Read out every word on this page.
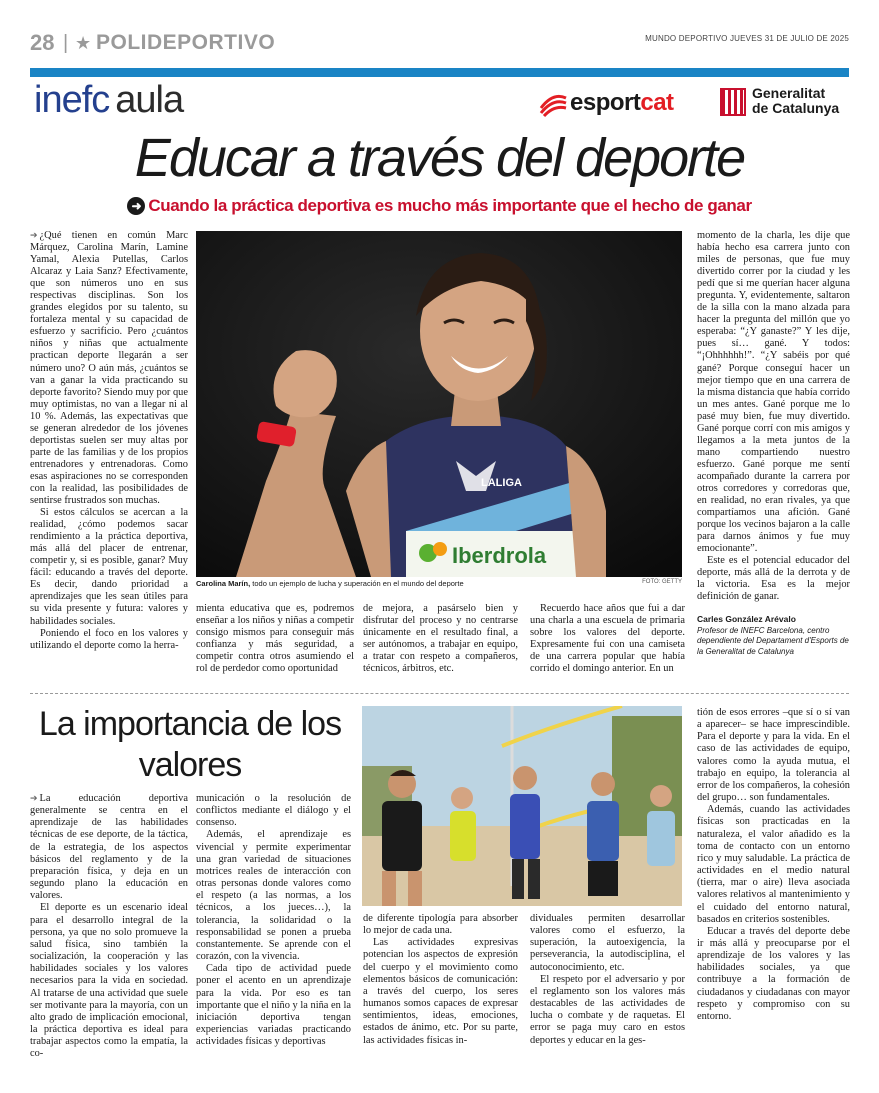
28 | ★ POLIDEPORTIVO	MUNDO DEPORTIVO JUEVES 31 DE JULIO DE 2025
inefc aula	esportcat	Generalitat
de Catalunya
Educar a través del deporte
➜ Cuando la práctica deportiva es mucho más importante que el hecho de ganar

➔ ¿Qué tienen en común Marc Márquez, Carolina Marín, Lamine Yamal, Alexia Putellas, Carlos Alcaraz y Laia Sanz? Efectivamente, que son números uno en sus respectivas disciplinas. Son los grandes elegidos por su talento, su fortaleza mental y su capacidad de esfuerzo y sacrificio. Pero ¿cuántos niños y niñas que actualmente practican deporte llegarán a ser número uno? O aún más, ¿cuántos se van a ganar la vida practicando su deporte favorito? Siendo muy por que muy optimistas, no van a llegar ni al 10 %. Además, las expectativas que se generan alrededor de los jóvenes deportistas suelen ser muy altas por parte de las familias y de los propios entrenadores y entrenadoras. Como esas aspiraciones no se corresponden con la realidad, las posibilidades de sentirse frustrados son muchas.

Si estos cálculos se acercan a la realidad, ¿cómo podemos sacar rendimiento a la práctica deportiva, más allá del placer de entrenar, competir y, si es posible, ganar? Muy fácil: educando a través del deporte. Es decir, dando prioridad a aprendizajes que les sean útiles para su vida presente y futura: valores y habilidades sociales.

Poniendo el foco en los valores y utilizando el deporte como la herra-

LALIGA
Iberdrola
Carolina Marín, todo un ejemplo de lucha y superación en el mundo del deporte	FOTO: GETTY

mienta educativa que es, podremos enseñar a los niños y niñas a competir consigo mismos para conseguir más confianza y más seguridad, a competir contra otros asumiendo el rol de perdedor como oportunidad

de mejora, a pasárselo bien y disfrutar del proceso y no centrarse únicamente en el resultado final, a ser autónomos, a trabajar en equipo, a tratar con respeto a compañeros, técnicos, árbitros, etc.

Recuerdo hace años que fui a dar una charla a una escuela de primaria sobre los valores del deporte. Expresamente fui con una camiseta de una carrera popular que había corrido el domingo anterior. En un

momento de la charla, les dije que había hecho esa carrera junto con miles de personas, que fue muy divertido correr por la ciudad y les pedí que si me querían hacer alguna pregunta. Y, evidentemente, saltaron de la silla con la mano alzada para hacer la pregunta del millón que yo esperaba: “¿Y ganaste?” Y les dije, pues sí… gané. Y todos: “¡Ohhhhhh!”. “¿Y sabéis por qué gané? Porque conseguí hacer un mejor tiempo que en una carrera de la misma distancia que había corrido un mes antes. Gané porque me lo pasé muy bien, fue muy divertido. Gané porque corrí con mis amigos y llegamos a la meta juntos de la mano compartiendo nuestro esfuerzo. Gané porque me sentí acompañado durante la carrera por otros corredores y corredoras que, en realidad, no eran rivales, ya que compartíamos una afición. Gané porque los vecinos bajaron a la calle para darnos ánimos y fue muy emocionante”.

Este es el potencial educador del deporte, más allá de la derrota y de la victoria. Esa es la mejor definición de ganar.

Carles González Arévalo
Profesor de INEFC Barcelona, centro dependiente del Departament d'Esports de la Generalitat de Catalunya
La importancia de los valores

➔ La educación deportiva generalmente se centra en el aprendizaje de las habilidades técnicas de ese deporte, de la táctica, de la estrategia, de los aspectos básicos del reglamento y de la preparación física, y deja en un segundo plano la educación en valores.

El deporte es un escenario ideal para el desarrollo integral de la persona, ya que no solo promueve la salud física, sino también la socialización, la cooperación y las habilidades sociales y los valores necesarios para la vida en sociedad. Al tratarse de una actividad que suele ser motivante para la mayoría, con un alto grado de implicación emocional, la práctica deportiva es ideal para trabajar aspectos como la empatía, la co-

municación o la resolución de conflictos mediante el diálogo y el consenso.

Además, el aprendizaje es vivencial y permite experimentar una gran variedad de situaciones motrices reales de interacción con otras personas donde valores como el respeto (a las normas, a los técnicos, a los jueces…), la tolerancia, la solidaridad o la responsabilidad se ponen a prueba constantemente. Se aprende con el corazón, con la vivencia.

Cada tipo de actividad puede poner el acento en un aprendizaje para la vida. Por eso es tan importante que el niño y la niña en la iniciación deportiva tengan experiencias variadas practicando actividades físicas y deportivas

de diferente tipología para absorber lo mejor de cada una.

Las actividades expresivas potencian los aspectos de expresión del cuerpo y el movimiento como elementos básicos de comunicación: a través del cuerpo, los seres humanos somos capaces de expresar sentimientos, ideas, emociones, estados de ánimo, etc. Por su parte, las actividades físicas in-

dividuales permiten desarrollar valores como el esfuerzo, la superación, la autoexigencia, la perseverancia, la autodisciplina, el autoconocimiento, etc.

El respeto por el adversario y por el reglamento son los valores más destacables de las actividades de lucha o combate y de raquetas. El error se paga muy caro en estos deportes y educar en la ges-

tión de esos errores –que sí o sí van a aparecer– se hace imprescindible. Para el deporte y para la vida. En el caso de las actividades de equipo, valores como la ayuda mutua, el trabajo en equipo, la tolerancia al error de los compañeros, la cohesión del grupo… son fundamentales.

Además, cuando las actividades físicas son practicadas en la naturaleza, el valor añadido es la toma de contacto con un entorno rico y muy saludable. La práctica de actividades en el medio natural (tierra, mar o aire) lleva asociada valores relativos al mantenimiento y el cuidado del entorno natural, basados en criterios sostenibles.

Educar a través del deporte debe ir más allá y preocuparse por el aprendizaje de los valores y las habilidades sociales, ya que contribuye a la formación de ciudadanos y ciudadanas con mayor respeto y compromiso con su entorno.
